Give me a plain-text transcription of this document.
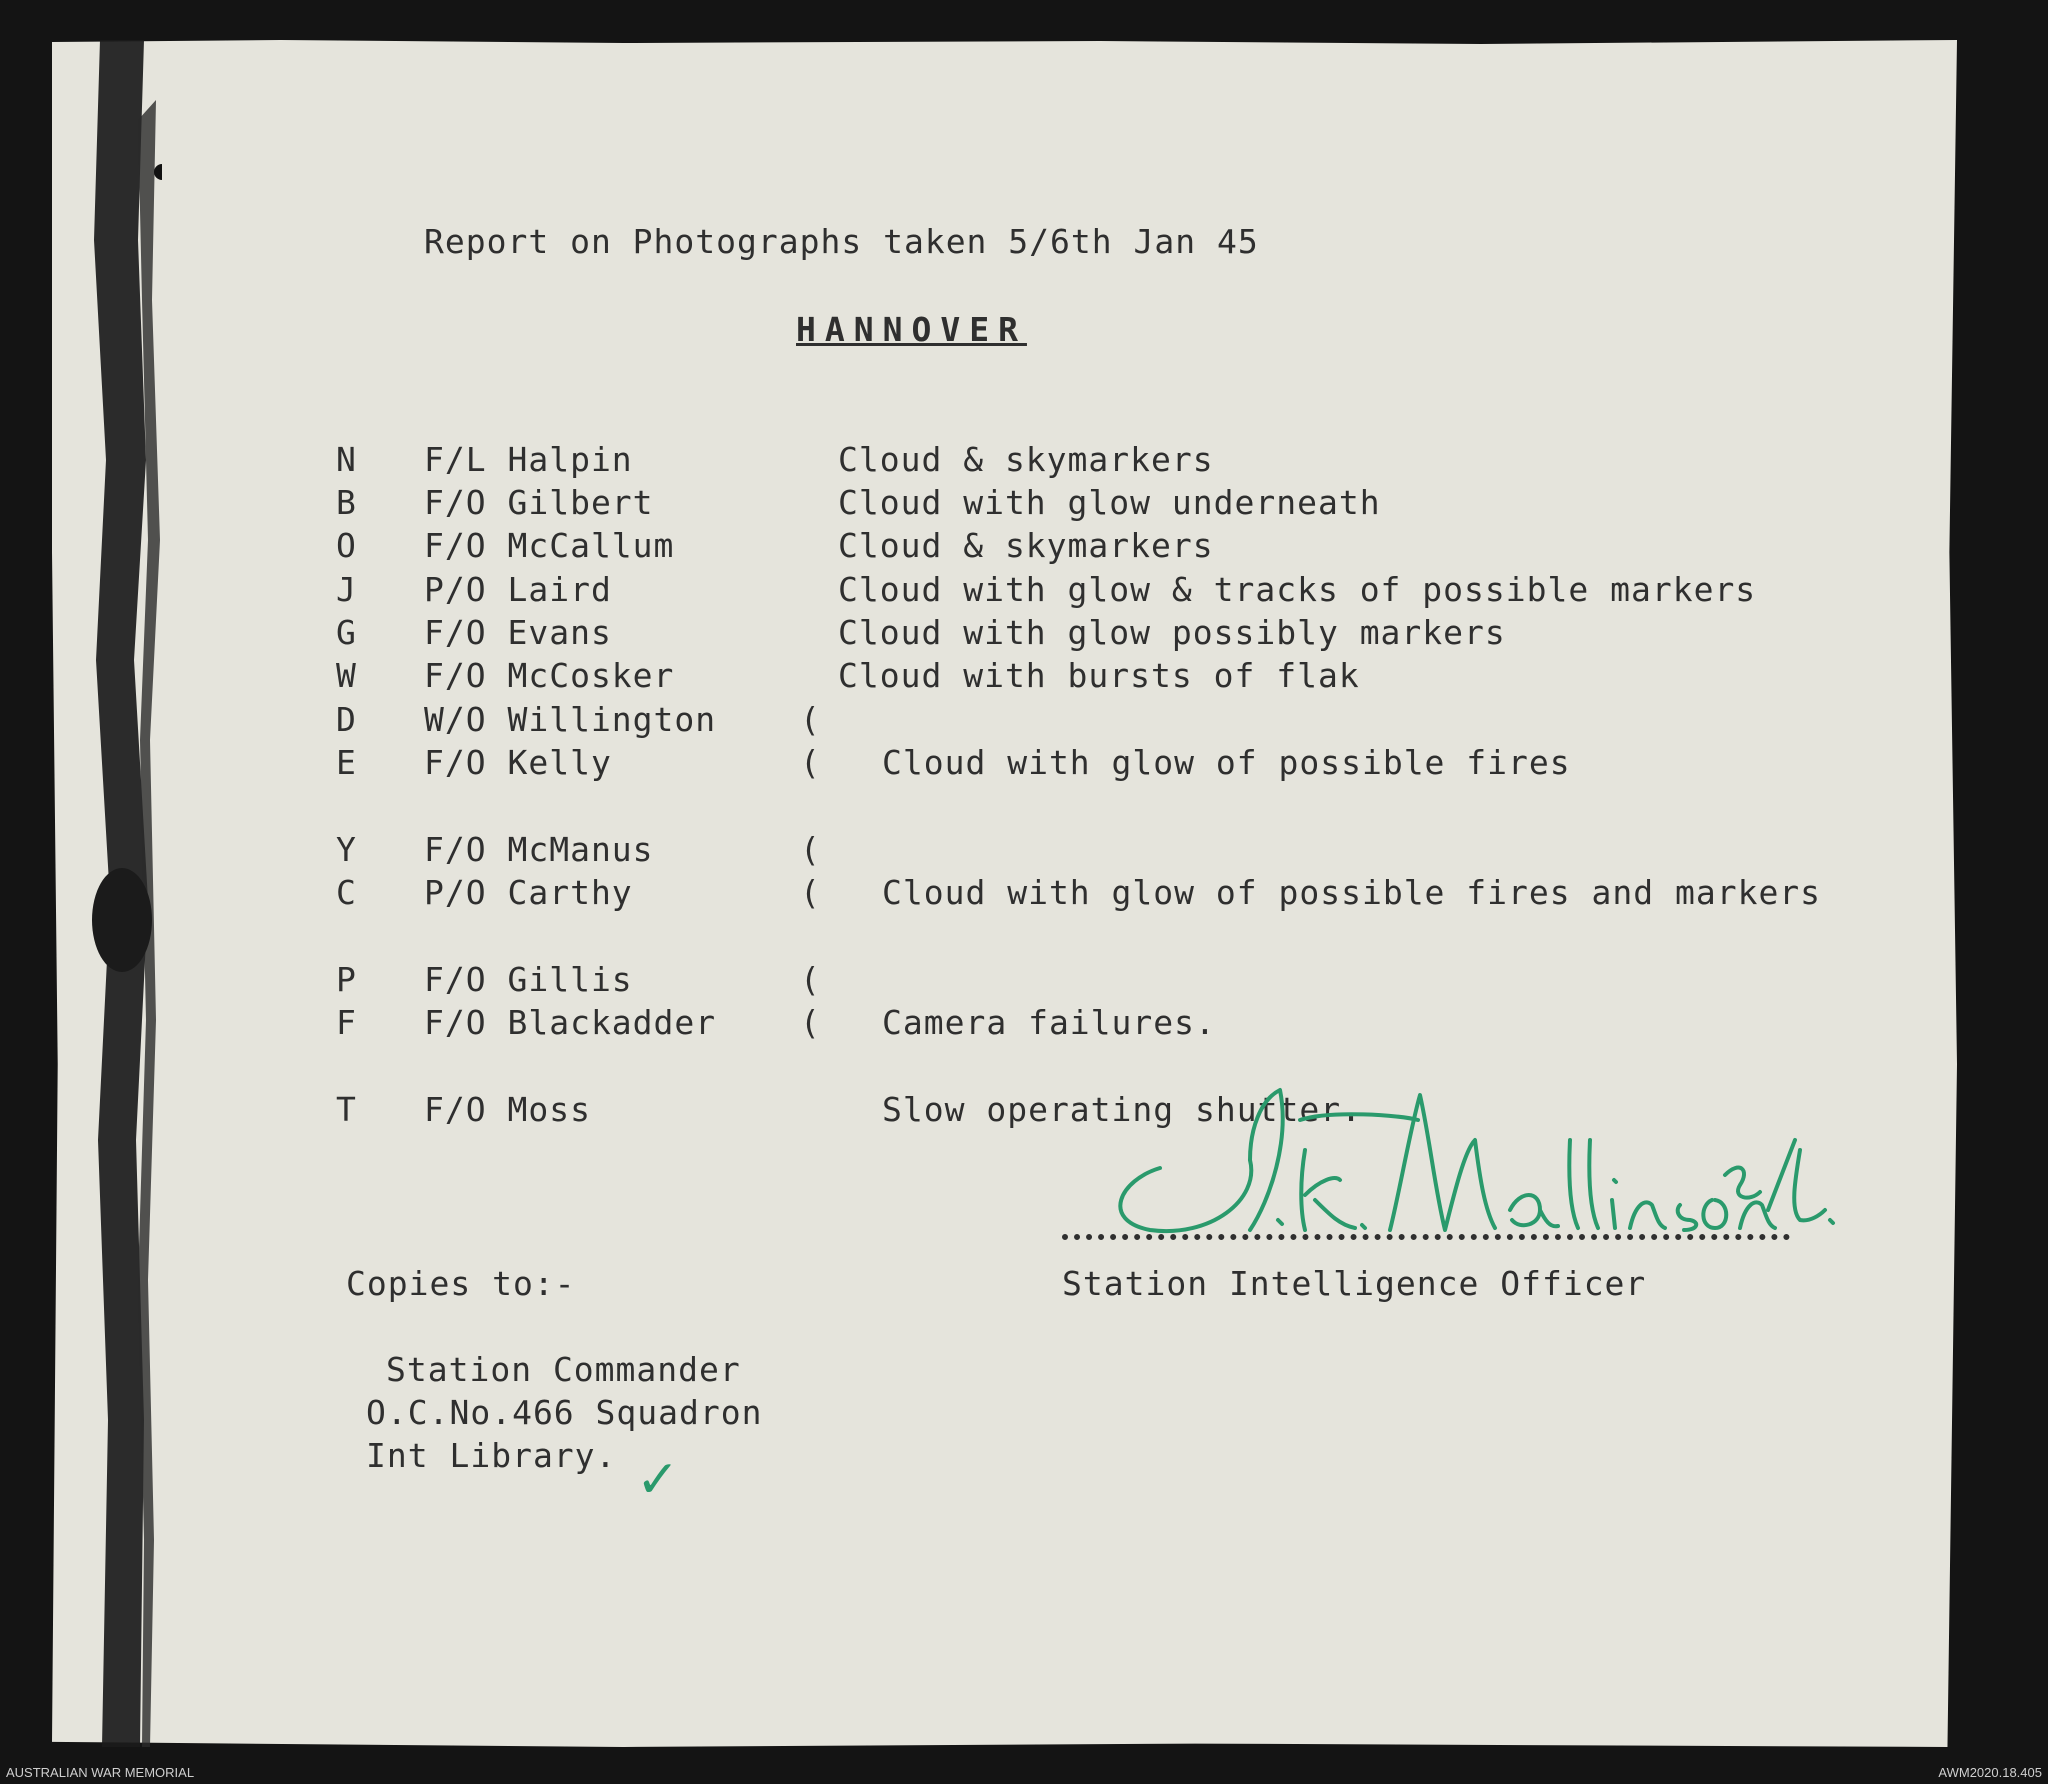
Report on Photographs taken 5/6th Jan 45
HANNOVER
N F/L Halpin	Cloud & skymarkers
B F/O Gilbert	Cloud with glow underneath
O F/O McCallum	Cloud & skymarkers
J P/O Laird	Cloud with glow & tracks of possible markers
G F/O Evans	Cloud with glow possibly markers
W F/O McCosker	Cloud with bursts of flak
D W/O Willington	(
E F/O Kelly	( Cloud with glow of possible fires
Y F/O McManus	(
C P/O Carthy	( Cloud with glow of possible fires and markers
P F/O Gillis	(
F F/O Blackadder	( Camera failures.
T F/O Moss	Slow operating shutter.
Station Intelligence Officer
Copies to:-
Station Commander
O.C.No.466 Squadron
Int Library. ✓
AUSTRALIAN WAR MEMORIAL	AWM2020.18.405
